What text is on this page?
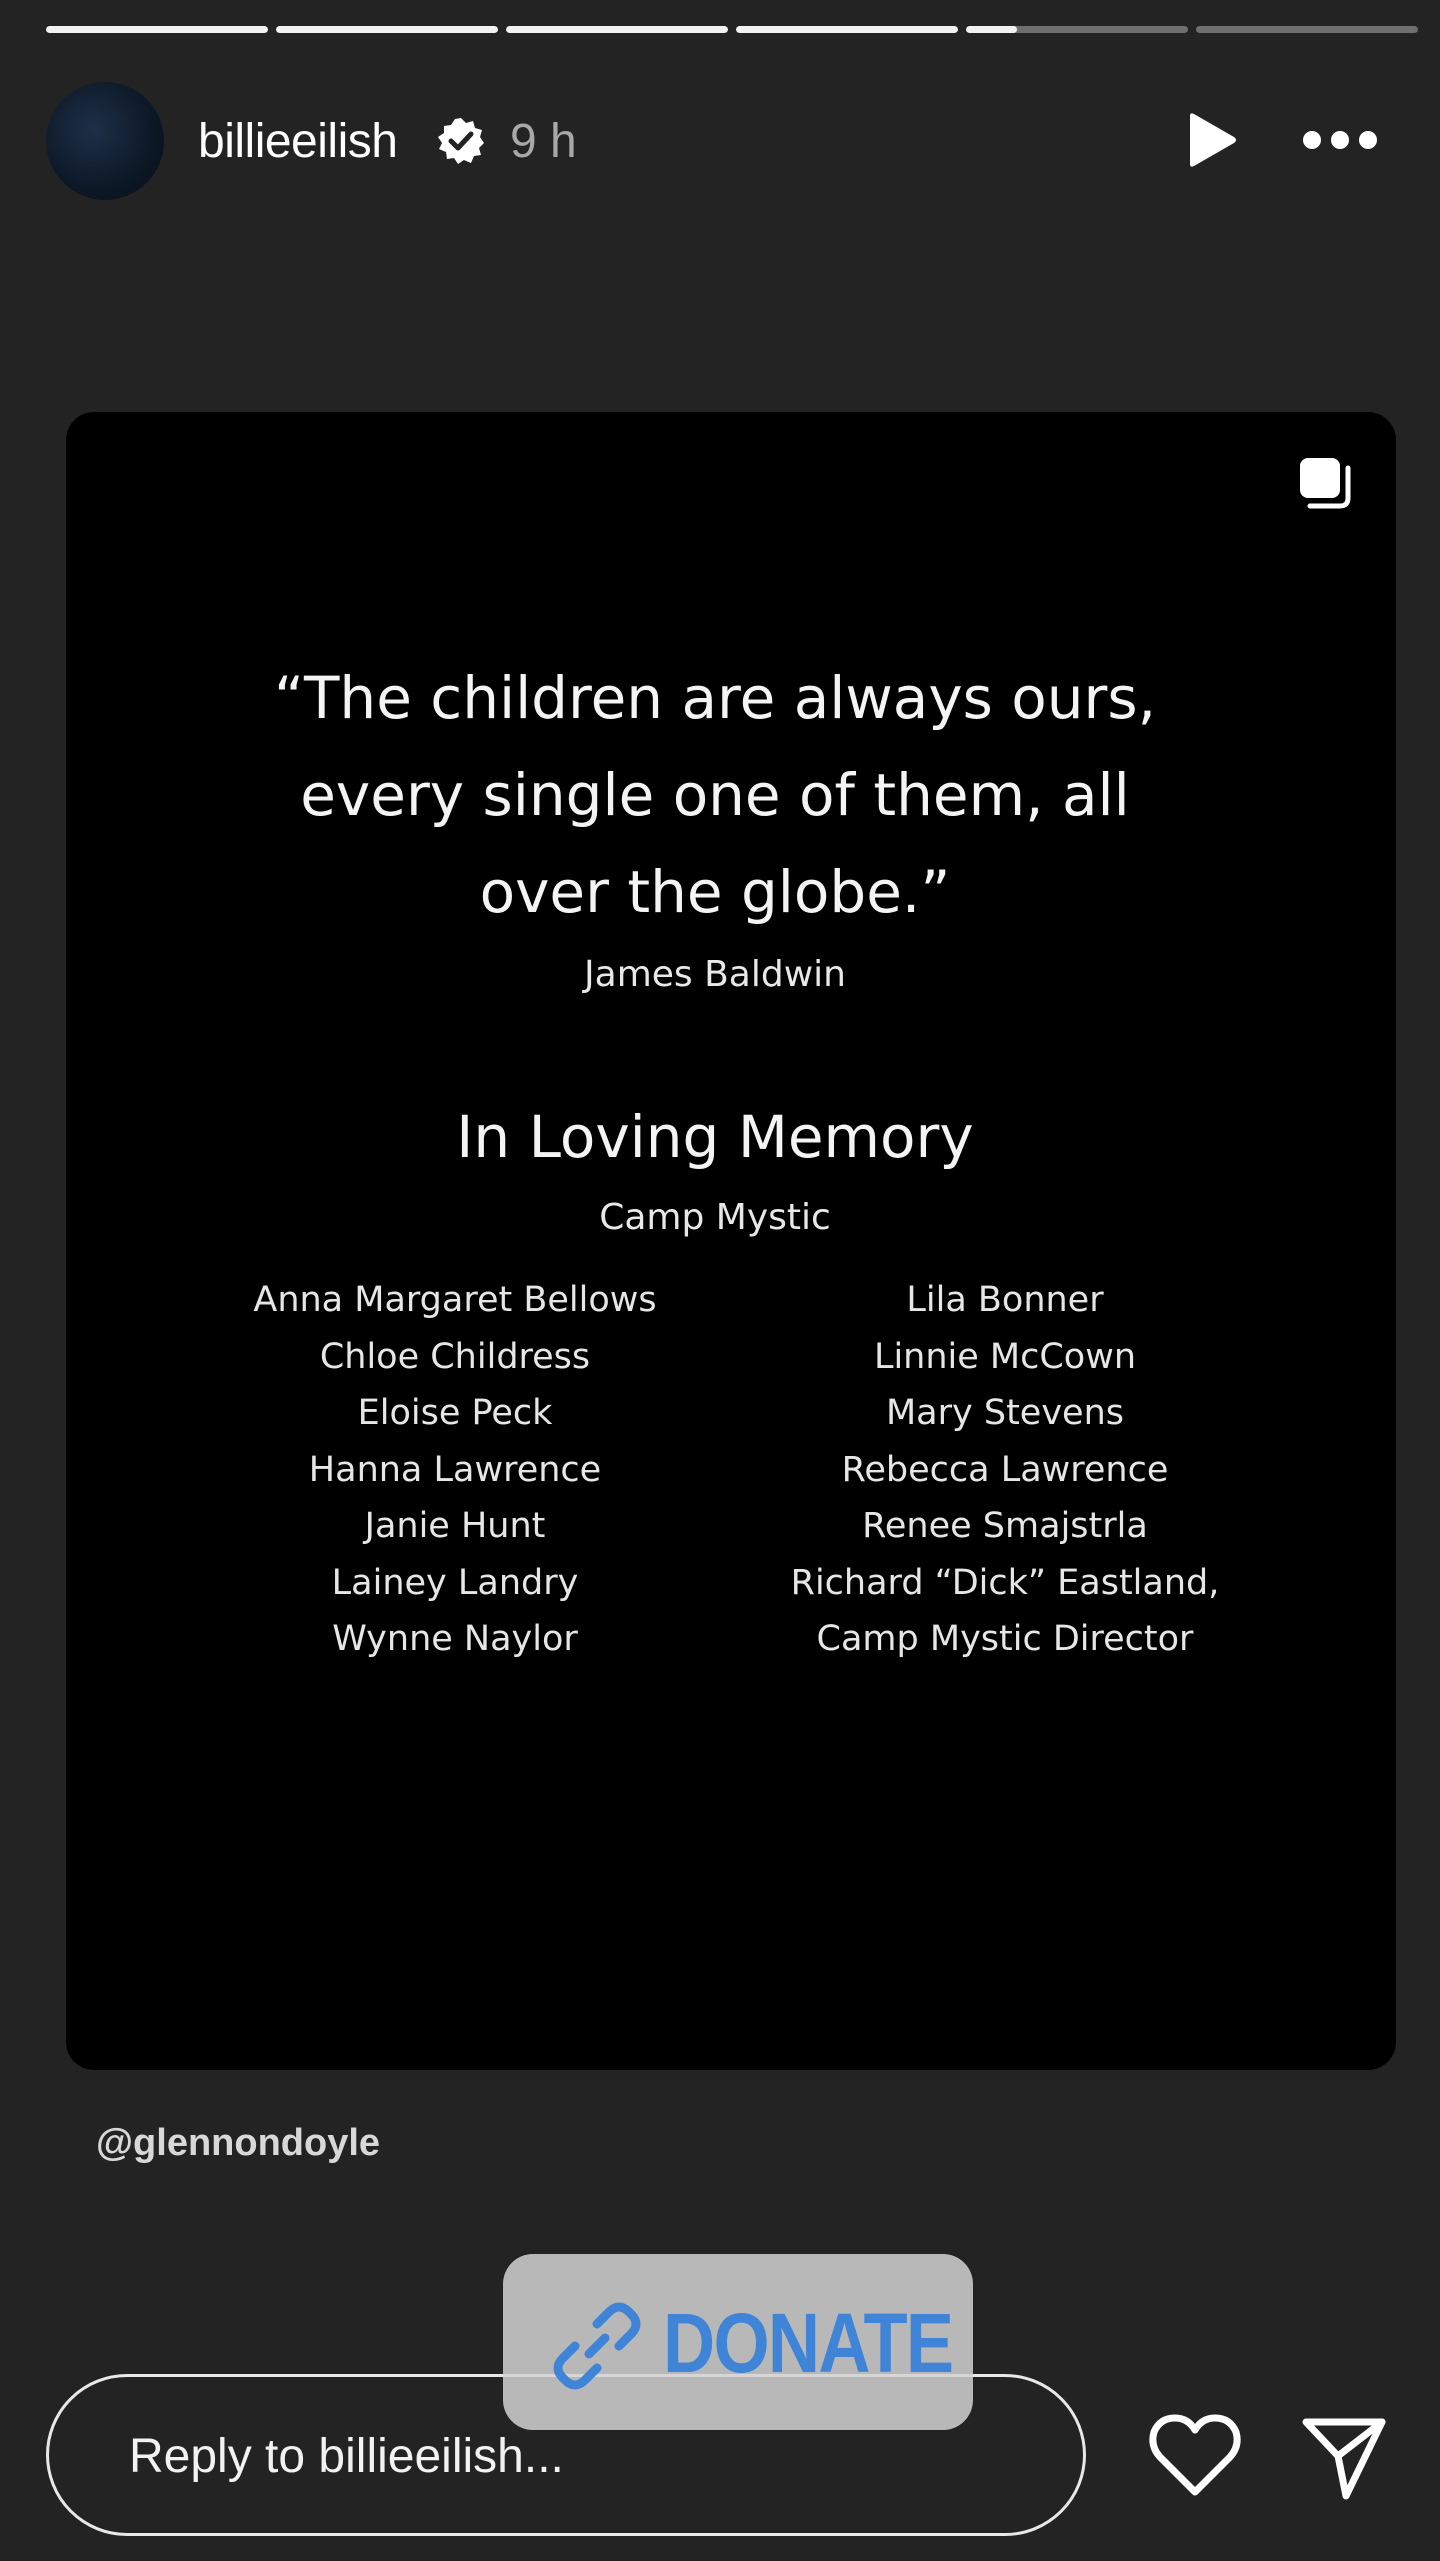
billieeilish 9 h
“The children are always ours,
every single one of them, all
over the globe.”
James Baldwin
In Loving Memory
Camp Mystic
Anna Margaret Bellows
Chloe Childress
Eloise Peck
Hanna Lawrence
Janie Hunt
Lainey Landry
Wynne Naylor
Lila Bonner
Linnie McCown
Mary Stevens
Rebecca Lawrence
Renee Smajstrla
Richard “Dick” Eastland,
Camp Mystic Director
@glennondoyle
Reply to billieeilish...
DONATE
